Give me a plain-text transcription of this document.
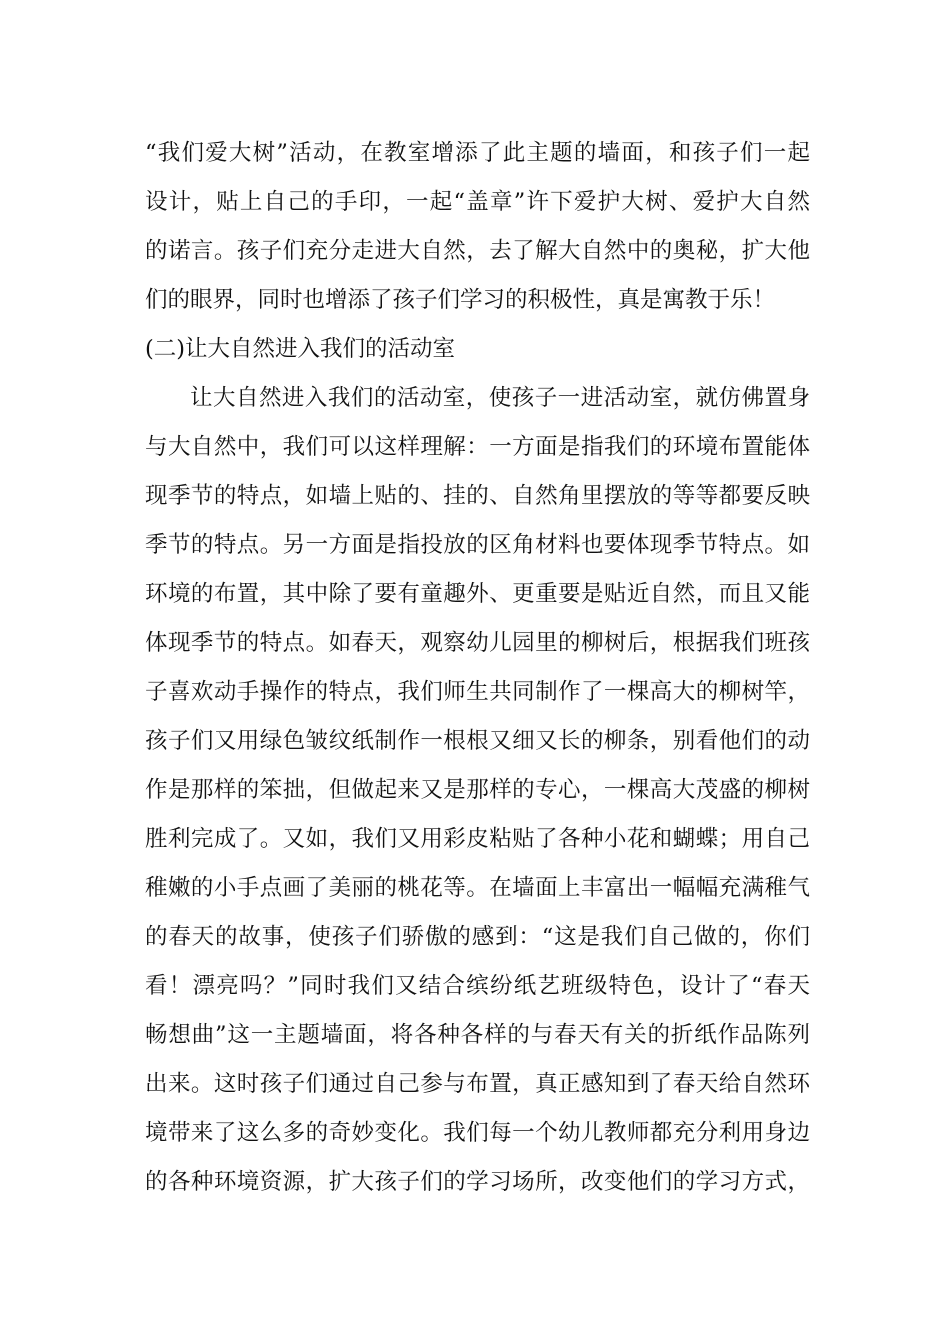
“我们爱大树”活动，在教室增添了此主题的墙面，和孩子们一起
设计，贴上自己的手印，一起“盖章”许下爱护大树、爱护大自然
的诺言。孩子们充分走进大自然，去了解大自然中的奥秘，扩大他
们的眼界，同时也增添了孩子们学习的积极性，真是寓教于乐！
(二)让大自然进入我们的活动室
让大自然进入我们的活动室，使孩子一进活动室，就仿佛置身
与大自然中，我们可以这样理解：一方面是指我们的环境布置能体
现季节的特点，如墙上贴的、挂的、自然角里摆放的等等都要反映
季节的特点。另一方面是指投放的区角材料也要体现季节特点。如
环境的布置，其中除了要有童趣外、更重要是贴近自然，而且又能
体现季节的特点。如春天，观察幼儿园里的柳树后，根据我们班孩
子喜欢动手操作的特点，我们师生共同制作了一棵高大的柳树竿，
孩子们又用绿色皱纹纸制作一根根又细又长的柳条，别看他们的动
作是那样的笨拙，但做起来又是那样的专心，一棵高大茂盛的柳树
胜利完成了。又如，我们又用彩皮粘贴了各种小花和蝴蝶；用自己
稚嫩的小手点画了美丽的桃花等。在墙面上丰富出一幅幅充满稚气
的春天的故事，使孩子们骄傲的感到：“这是我们自己做的，你们
看！漂亮吗？”同时我们又结合缤纷纸艺班级特色，设计了“春天
畅想曲”这一主题墙面，将各种各样的与春天有关的折纸作品陈列
出来。这时孩子们通过自己参与布置，真正感知到了春天给自然环
境带来了这么多的奇妙变化。我们每一个幼儿教师都充分利用身边
的各种环境资源，扩大孩子们的学习场所，改变他们的学习方式，
